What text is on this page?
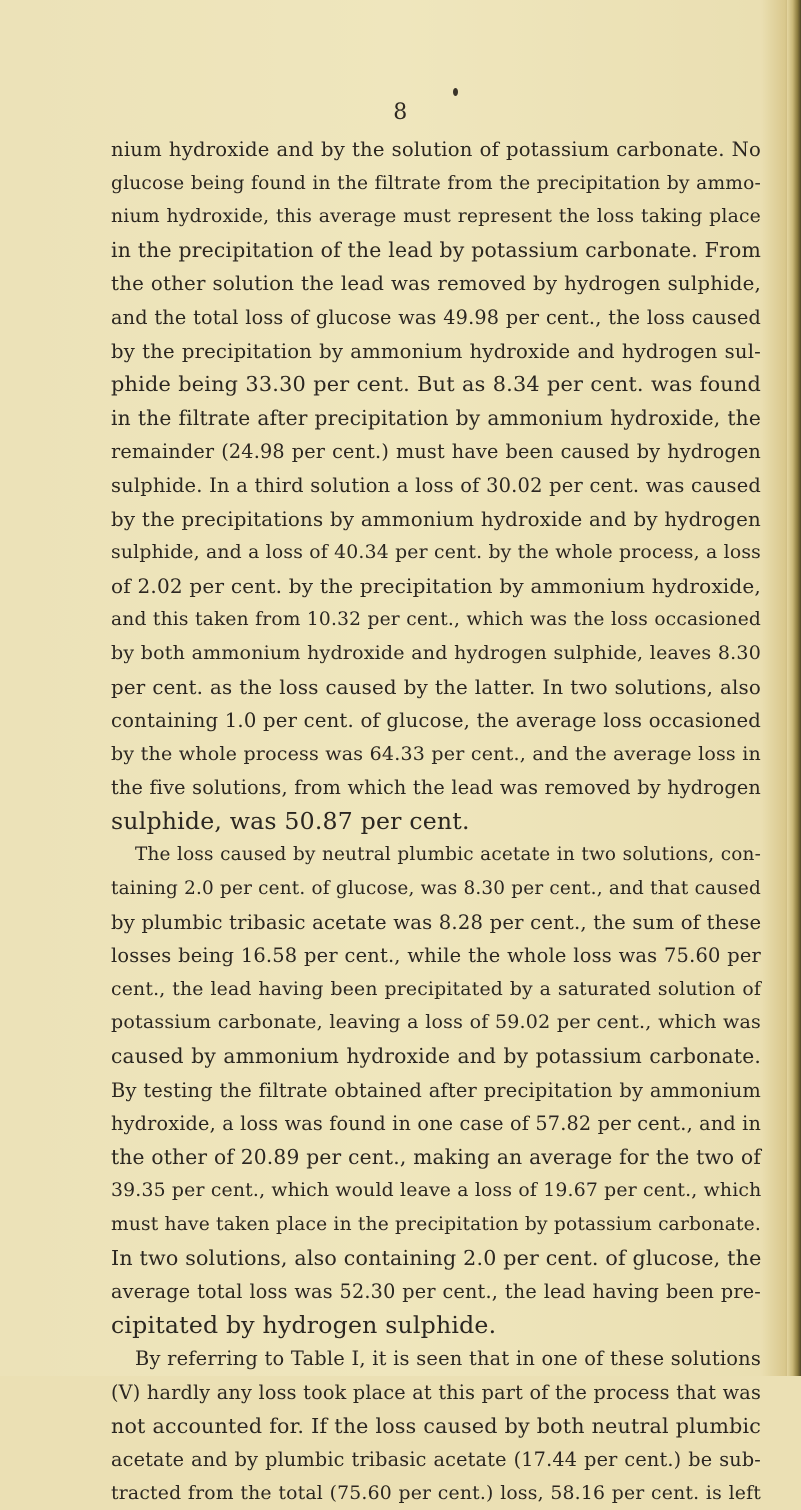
8
nium hydroxide and by the solution of potassium carbonate. No
glucose being found in the filtrate from the precipitation by ammo-
nium hydroxide, this average must represent the loss taking place
in the precipitation of the lead by potassium carbonate. From
the other solution the lead was removed by hydrogen sulphide,
and the total loss of glucose was 49.98 per cent., the loss caused
by the precipitation by ammonium hydroxide and hydrogen sul-
phide being 33.30 per cent. But as 8.34 per cent. was found
in the filtrate after precipitation by ammonium hydroxide, the
remainder (24.98 per cent.) must have been caused by hydrogen
sulphide. In a third solution a loss of 30.02 per cent. was caused
by the precipitations by ammonium hydroxide and by hydrogen
sulphide, and a loss of 40.34 per cent. by the whole process, a loss
of 2.02 per cent. by the precipitation by ammonium hydroxide,
and this taken from 10.32 per cent., which was the loss occasioned
by both ammonium hydroxide and hydrogen sulphide, leaves 8.30
per cent. as the loss caused by the latter. In two solutions, also
containing 1.0 per cent. of glucose, the average loss occasioned
by the whole process was 64.33 per cent., and the average loss in
the five solutions, from which the lead was removed by hydrogen
sulphide, was 50.87 per cent.
The loss caused by neutral plumbic acetate in two solutions, con-
taining 2.0 per cent. of glucose, was 8.30 per cent., and that caused
by plumbic tribasic acetate was 8.28 per cent., the sum of these
losses being 16.58 per cent., while the whole loss was 75.60 per
cent., the lead having been precipitated by a saturated solution of
potassium carbonate, leaving a loss of 59.02 per cent., which was
caused by ammonium hydroxide and by potassium carbonate.
By testing the filtrate obtained after precipitation by ammonium
hydroxide, a loss was found in one case of 57.82 per cent., and in
the other of 20.89 per cent., making an average for the two of
39.35 per cent., which would leave a loss of 19.67 per cent., which
must have taken place in the precipitation by potassium carbonate.
In two solutions, also containing 2.0 per cent. of glucose, the
average total loss was 52.30 per cent., the lead having been pre-
cipitated by hydrogen sulphide.
By referring to Table I, it is seen that in one of these solutions
(V) hardly any loss took place at this part of the process that was
not accounted for. If the loss caused by both neutral plumbic
acetate and by plumbic tribasic acetate (17.44 per cent.) be sub-
tracted from the total (75.60 per cent.) loss, 58.16 per cent. is left
